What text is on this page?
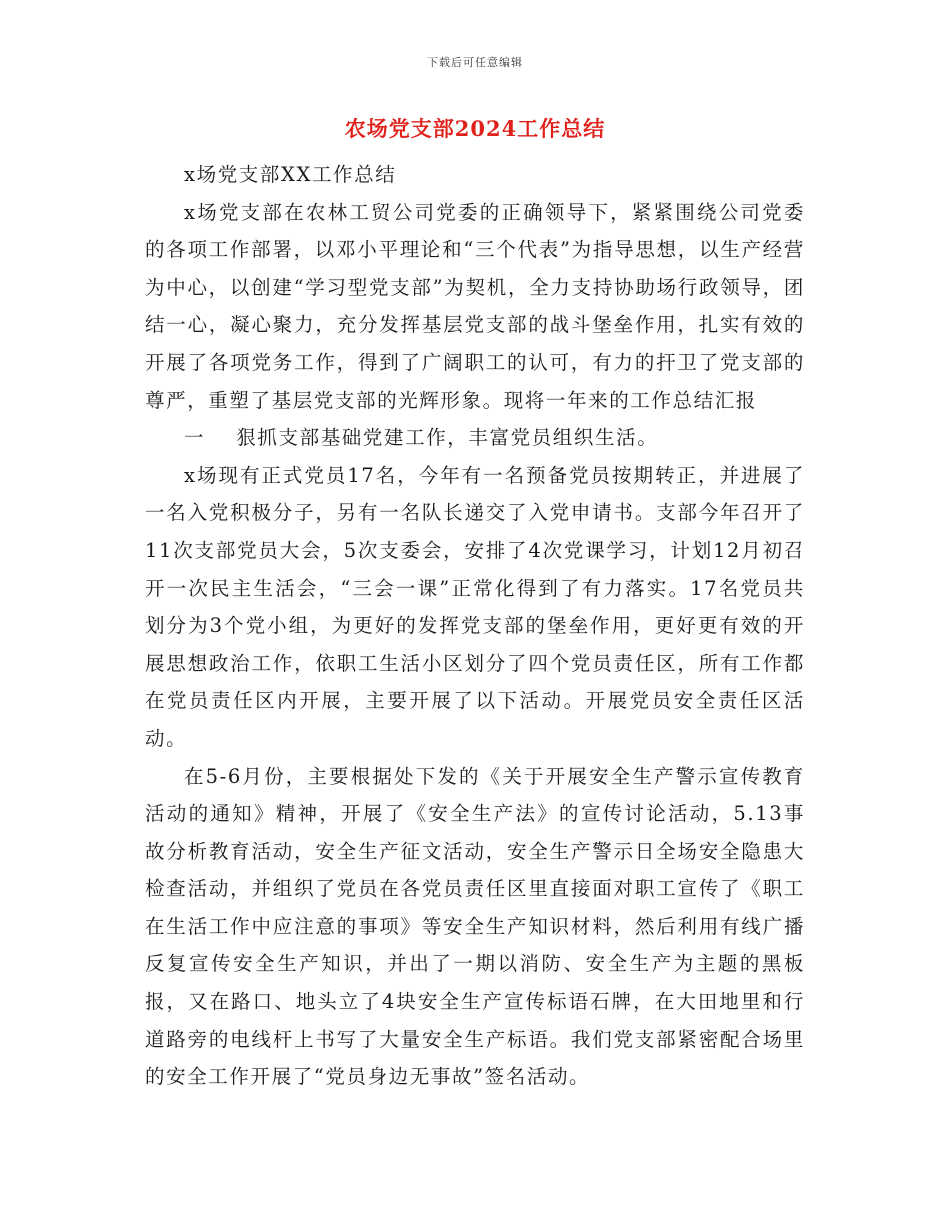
下载后可任意编辑
农场党支部2024工作总结

x场党支部XX工作总结

x场党支部在农林工贸公司党委的正确领导下，紧紧围绕公司党委的各项工作部署，以邓小平理论和“三个代表”为指导思想，以生产经营为中心，以创建“学习型党支部”为契机，全力支持协助场行政领导，团结一心，凝心聚力，充分发挥基层党支部的战斗堡垒作用，扎实有效的开展了各项党务工作，得到了广阔职工的认可，有力的扞卫了党支部的尊严，重塑了基层党支部的光辉形象。现将一年来的工作总结汇报

一    狠抓支部基础党建工作，丰富党员组织生活。

x场现有正式党员17名，今年有一名预备党员按期转正，并进展了一名入党积极分子，另有一名队长递交了入党申请书。支部今年召开了11次支部党员大会，5次支委会，安排了4次党课学习，计划12月初召开一次民主生活会，“三会一课”正常化得到了有力落实。17名党员共划分为3个党小组，为更好的发挥党支部的堡垒作用，更好更有效的开展思想政治工作，依职工生活小区划分了四个党员责任区，所有工作都在党员责任区内开展，主要开展了以下活动。开展党员安全责任区活动。

在5-6月份，主要根据处下发的《关于开展安全生产警示宣传教育活动的通知》精神，开展了《安全生产法》的宣传讨论活动，5.13事故分析教育活动，安全生产征文活动，安全生产警示日全场安全隐患大检查活动，并组织了党员在各党员责任区里直接面对职工宣传了《职工在生活工作中应注意的事项》等安全生产知识材料，然后利用有线广播反复宣传安全生产知识，并出了一期以消防、安全生产为主题的黑板报，又在路口、地头立了4块安全生产宣传标语石牌，在大田地里和行道路旁的电线杆上书写了大量安全生产标语。我们党支部紧密配合场里的安全工作开展了“党员身边无事故”签名活动。
